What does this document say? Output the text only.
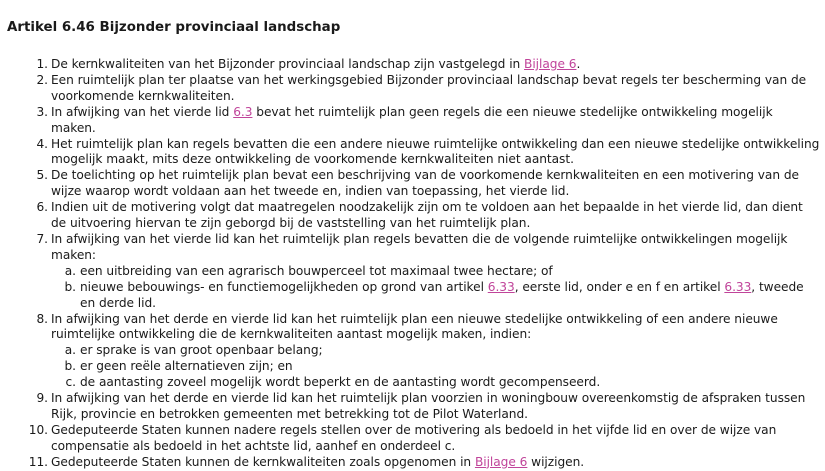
Artikel 6.46 Bijzonder provinciaal landschap
1. De kernkwaliteiten van het Bijzonder provinciaal landschap zijn vastgelegd in Bijlage 6.
2. Een ruimtelijk plan ter plaatse van het werkingsgebied Bijzonder provinciaal landschap bevat regels ter bescherming van de voorkomende kernkwaliteiten.
3. In afwijking van het vierde lid 6.3 bevat het ruimtelijk plan geen regels die een nieuwe stedelijke ontwikkeling mogelijk maken.
4. Het ruimtelijk plan kan regels bevatten die een andere nieuwe ruimtelijke ontwikkeling dan een nieuwe stedelijke ontwikkeling mogelijk maakt, mits deze ontwikkeling de voorkomende kernkwaliteiten niet aantast.
5. De toelichting op het ruimtelijk plan bevat een beschrijving van de voorkomende kernkwaliteiten en een motivering van de wijze waarop wordt voldaan aan het tweede en, indien van toepassing, het vierde lid.
6. Indien uit de motivering volgt dat maatregelen noodzakelijk zijn om te voldoen aan het bepaalde in het vierde lid, dan dient de uitvoering hiervan te zijn geborgd bij de vaststelling van het ruimtelijk plan.
7. In afwijking van het vierde lid kan het ruimtelijk plan regels bevatten die de volgende ruimtelijke ontwikkelingen mogelijk maken:
a. een uitbreiding van een agrarisch bouwperceel tot maximaal twee hectare; of
b. nieuwe bebouwings- en functiemogelijkheden op grond van artikel 6.33, eerste lid, onder e en f en artikel 6.33, tweede en derde lid.
8. In afwijking van het derde en vierde lid kan het ruimtelijk plan een nieuwe stedelijke ontwikkeling of een andere nieuwe ruimtelijke ontwikkeling die de kernkwaliteiten aantast mogelijk maken, indien:
a. er sprake is van groot openbaar belang;
b. er geen reële alternatieven zijn; en
c. de aantasting zoveel mogelijk wordt beperkt en de aantasting wordt gecompenseerd.
9. In afwijking van het derde en vierde lid kan het ruimtelijk plan voorzien in woningbouw overeenkomstig de afspraken tussen Rijk, provincie en betrokken gemeenten met betrekking tot de Pilot Waterland.
10. Gedeputeerde Staten kunnen nadere regels stellen over de motivering als bedoeld in het vijfde lid en over de wijze van compensatie als bedoeld in het achtste lid, aanhef en onderdeel c.
11. Gedeputeerde Staten kunnen de kernkwaliteiten zoals opgenomen in Bijlage 6 wijzigen.
